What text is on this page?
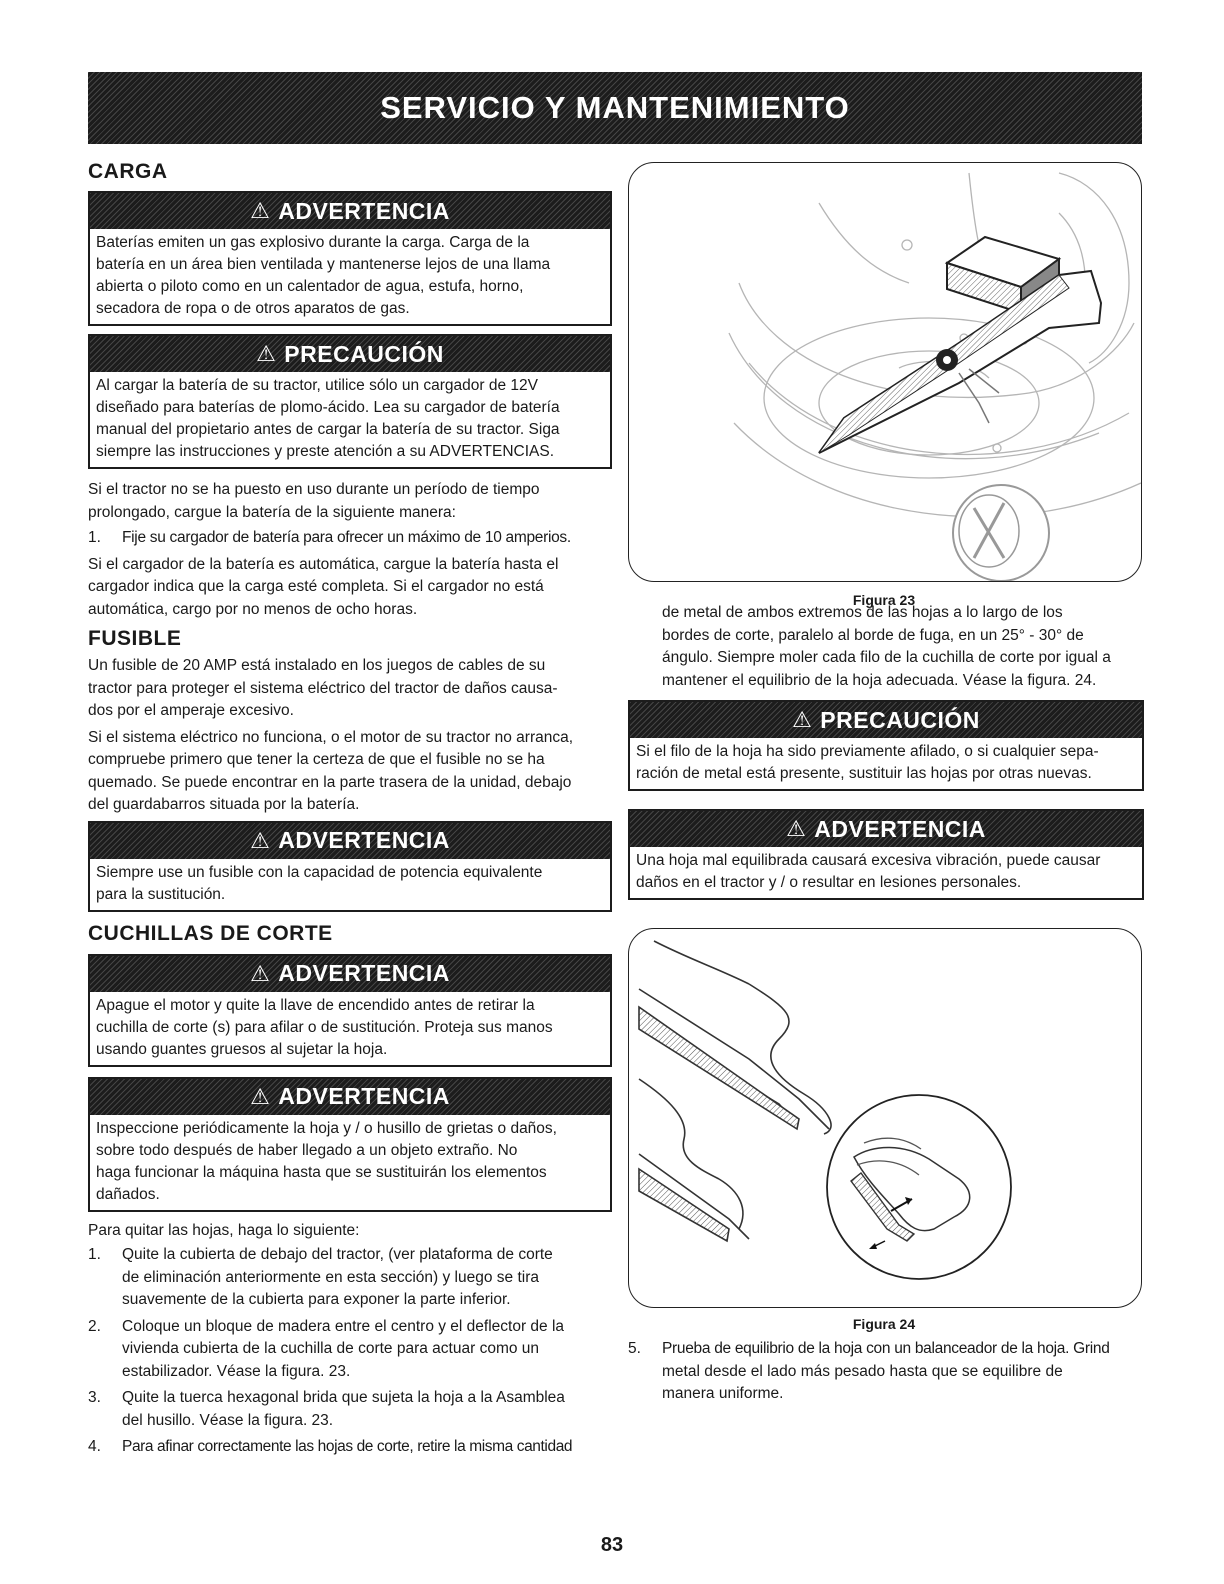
SERVICIO Y MANTENIMIENTO
CARGA
⚠ ADVERTENCIA
Baterías emiten un gas explosivo durante la carga. Carga de la
batería en un área bien ventilada y mantenerse lejos de una llama
abierta o piloto como en un calentador de agua, estufa, horno,
secadora de ropa o de otros aparatos de gas.
⚠ PRECAUCIÓN
Al cargar la batería de su tractor, utilice sólo un cargador de 12V
diseñado para baterías de plomo-ácido. Lea su cargador de batería
manual del propietario antes de cargar la batería de su tractor. Siga
siempre las instrucciones y preste atención a su ADVERTENCIAS.

Si el tractor no se ha puesto en uso durante un período de tiempo

prolongado, cargue la batería de la siguiente manera:

1.	Fije su cargador de batería para ofrecer un máximo de 10 amperios.

Si el cargador de la batería es automática, cargue la batería hasta el

cargador indica que la carga esté completa. Si el cargador no está

automática, cargo por no menos de ocho horas.

FUSIBLE

Un fusible de 20 AMP está instalado en los juegos de cables de su

tractor para proteger el sistema eléctrico del tractor de daños causa-

dos por el amperaje excesivo.

Si el sistema eléctrico no funciona, o el motor de su tractor no arranca,

compruebe primero que tener la certeza de que el fusible no se ha

quemado. Se puede encontrar en la parte trasera de la unidad, debajo

del guardabarros situada por la batería.

⚠ ADVERTENCIA
Siempre use un fusible con la capacidad de potencia equivalente
para la sustitución.
CUCHILLAS DE CORTE
⚠ ADVERTENCIA
Apague el motor y quite la llave de encendido antes de retirar la
cuchilla de corte (s) para afilar o de sustitución. Proteja sus manos
usando guantes gruesos al sujetar la hoja.
⚠ ADVERTENCIA
Inspeccione periódicamente la hoja y / o husillo de grietas o daños,
sobre todo después de haber llegado a un objeto extraño. No
haga funcionar la máquina hasta que se sustituirán los elementos
dañados.

Para quitar las hojas, haga lo siguiente:

1.	Quite la cubierta de debajo del tractor, (ver plataforma de corte
de eliminación anteriormente en esta sección) y luego se tira
suavemente de la cubierta para exponer la parte inferior.
2.	Coloque un bloque de madera entre el centro y el deflector de la
vivienda cubierta de la cuchilla de corte para actuar como un
estabilizador. Véase la figura. 23.
3.	Quite la tuerca hexagonal brida que sujeta la hoja a la Asamblea
del husillo. Véase la figura. 23.
4.	Para afinar correctamente las hojas de corte, retire la misma cantidad
Figura 23

de metal de ambos extremos de las hojas a lo largo de los

bordes de corte, paralelo al borde de fuga, en un 25° - 30° de

ángulo. Siempre moler cada filo de la cuchilla de corte por igual a

mantener el equilibrio de la hoja adecuada. Véase la figura. 24.

⚠ PRECAUCIÓN
Si el filo de la hoja ha sido previamente afilado, o si cualquier sepa-
ración de metal está presente, sustituir las hojas por otras nuevas.
⚠ ADVERTENCIA
Una hoja mal equilibrada causará excesiva vibración, puede causar
daños en el tractor y / o resultar en lesiones personales.
Figura 24
5.	Prueba de equilibrio de la hoja con un balanceador de la hoja. Grind
metal desde el lado más pesado hasta que se equilibre de
manera uniforme.
83
